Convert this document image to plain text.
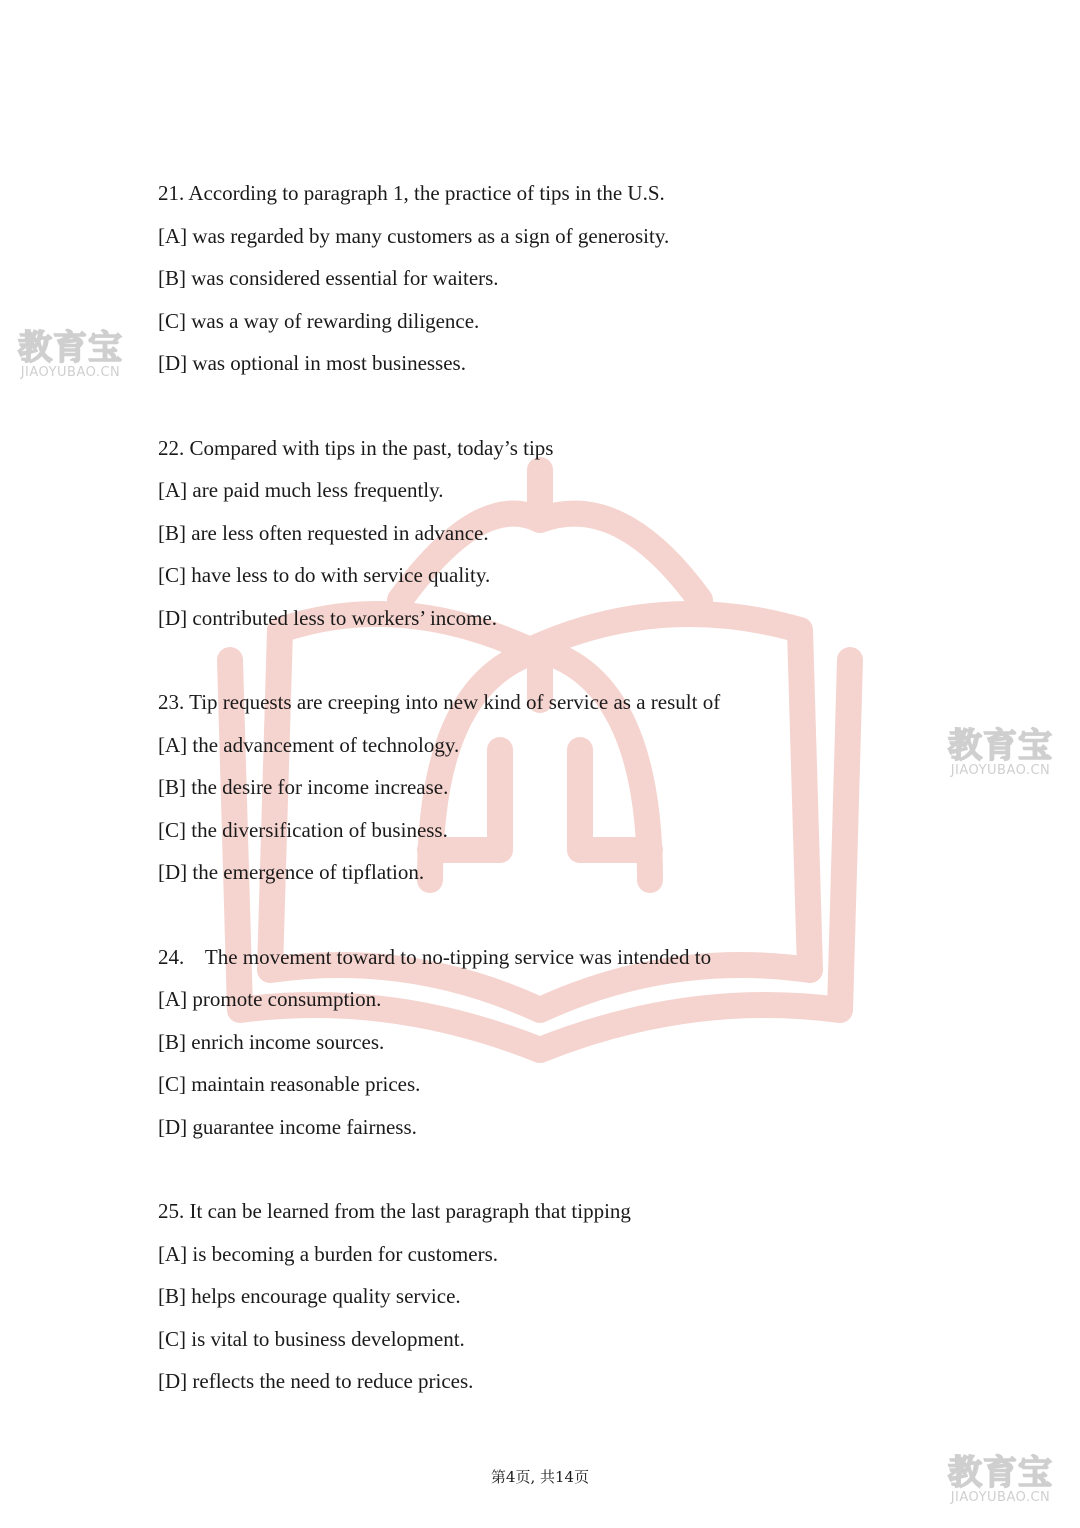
教育宝
JIAOYUBAO.CN
教育宝
JIAOYUBAO.CN
教育宝
JIAOYUBAO.CN
21. According to paragraph 1, the practice of tips in the U.S.
[A] was regarded by many customers as a sign of generosity.
[B] was considered essential for waiters.
[C] was a way of rewarding diligence.
[D] was optional in most businesses.
22. Compared with tips in the past, today’s tips
[A] are paid much less frequently.
[B] are less often requested in advance.
[C] have less to do with service quality.
[D] contributed less to workers’ income.
23. Tip requests are creeping into new kind of service as a result of
[A] the advancement of technology.
[B] the desire for income increase.
[C] the diversification of business.
[D] the emergence of tipflation.
24.    The movement toward to no-tipping service was intended to
[A] promote consumption.
[B] enrich income sources.
[C] maintain reasonable prices.
[D] guarantee income fairness.
25. It can be learned from the last paragraph that tipping
[A] is becoming a burden for customers.
[B] helps encourage quality service.
[C] is vital to business development.
[D] reflects the need to reduce prices.
第4页, 共14页
